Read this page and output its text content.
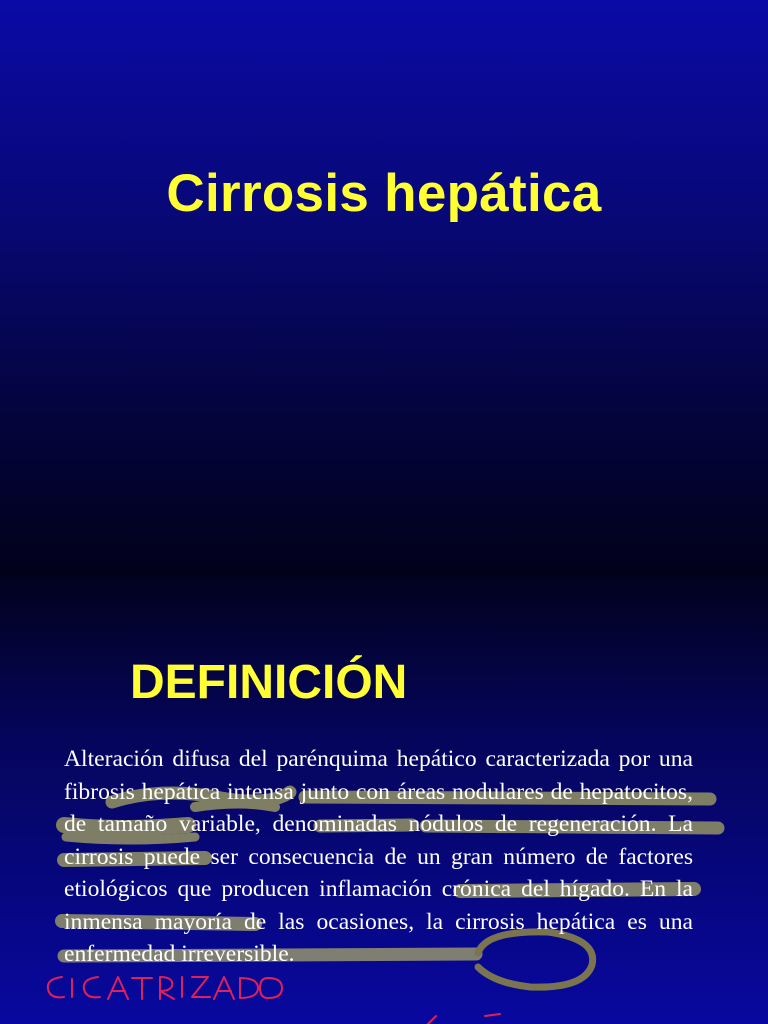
Cirrosis hepática
DEFINICIÓN

Alteración difusa del parénquima hepático caracterizada por una fibrosis hepática intensa junto con áreas nodulares de hepatocitos, de tamaño variable, denominadas nódulos de regeneración. La cirrosis puede ser consecuencia de un gran número de factores etiológicos que producen inflamación crónica del hígado. En la inmensa mayoría de las ocasiones, la cirrosis hepática es una enfermedad irreversible.
